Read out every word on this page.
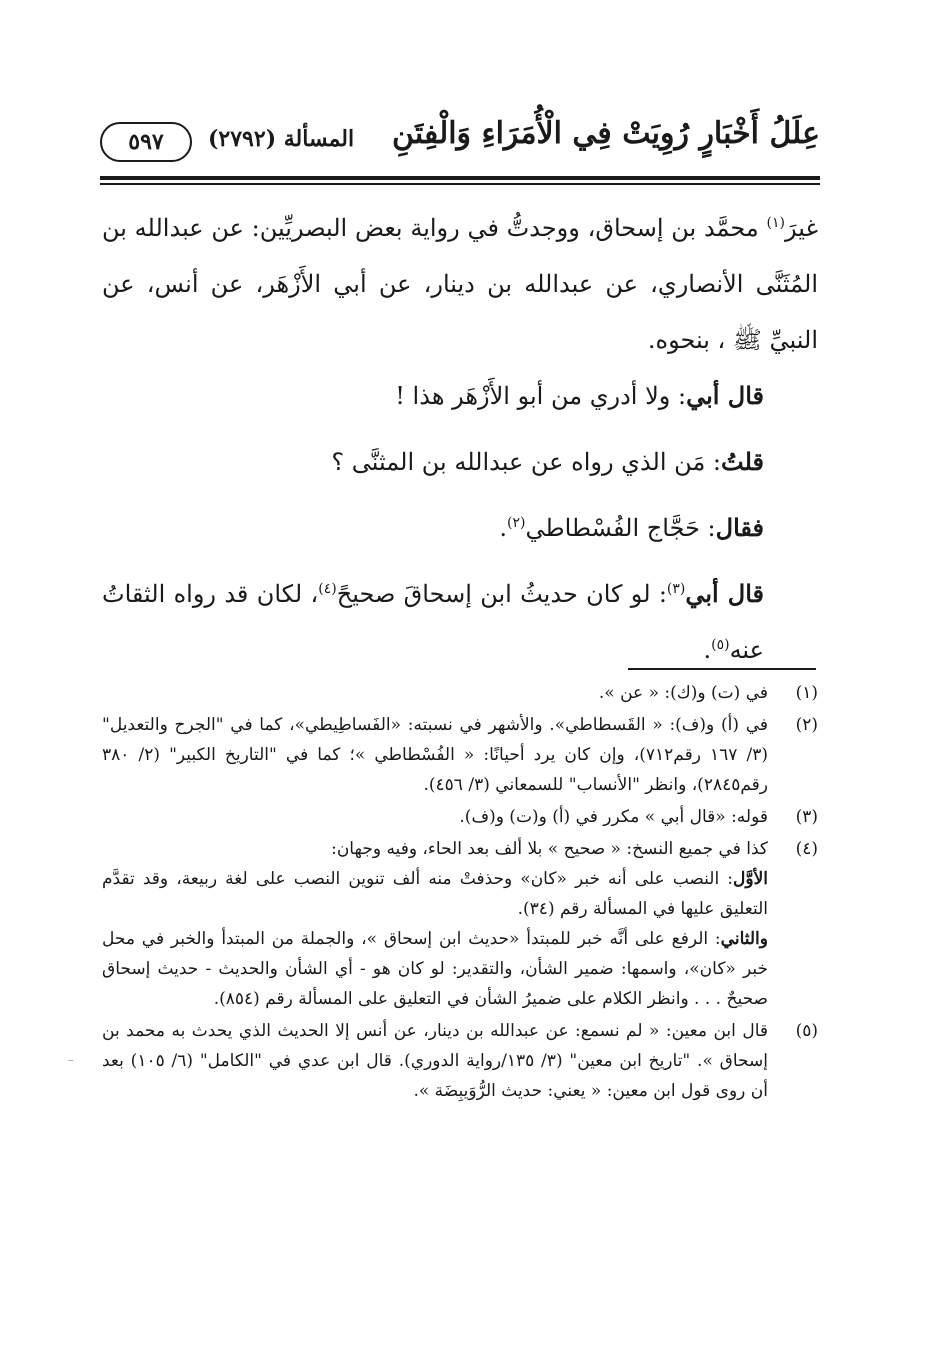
عِلَلُ أَخْبَارٍ رُوِيَتْ فِي الْأُمَرَاءِ وَالْفِتَنِ
المسألة (٢٧٩٢)
٥٩٧

غيرَ$^{(١)}$ محمَّد بن إسحاق، ووجدتُّ في رواية بعض البصريِّين: عن عبدالله بن المُثَنَّى الأنصاري، عن عبدالله بن دينار، عن أبي الأَزْهَر، عن أنس، عن النبيِّ ﷺ ، بنحوه.

قال أبي: ولا أدري من أبو الأَزْهَر هذا !

قلتُ: مَن الذي رواه عن عبدالله بن المثنَّى ؟

فقال: حَجَّاج الفُسْطاطي$^{(٢)}$.

قال أبي$^{(٣)}$: لو كان حديثُ ابن إسحاقَ صحيحً$^{(٤)}$، لكان قد رواه الثقاتُ عنه$^{(٥)}$.

(١)
في (ت) و(ك): « عن ».
(٢)
في (أ) و(ف): « القَسطاطي». والأشهر في نسبته: «الفَساطِيطي»، كما في "الجرح والتعديل" (٣/ ١٦٧ رقم٧١٢)، وإن كان يرد أحيانًا: « الفُسْطاطي »؛ كما في "التاريخ الكبير" (٢/ ٣٨٠ رقم٢٨٤٥)، وانظر "الأنساب" للسمعاني (٣/ ٤٥٦).
(٣)
قوله: «قال أبي » مكرر في (أ) و(ت) و(ف).
(٤)
كذا في جميع النسخ: « صحيح » بلا ألف بعد الحاء، وفيه وجهان:
الأوَّل: النصب على أنه خبر «كان» وحذفتْ منه ألف تنوين النصب على لغة ربيعة، وقد تقدَّم التعليق عليها في المسألة رقم (٣٤).
والثاني: الرفع على أنَّه خبر للمبتدأ «حديث ابن إسحاق »، والجملة من المبتدأ والخبر في محل خبر «كان»، واسمها: ضمير الشأن، والتقدير: لو كان هو - أي الشأن والحديث - حديث إسحاق صحيحٌ . . . وانظر الكلام على ضميرُ الشأن في التعليق على المسألة رقم (٨٥٤).
(٥)
قال ابن معين: « لم نسمع: عن عبدالله بن دينار، عن أنس إلا الحديث الذي يحدث به محمد بن إسحاق ». "تاريخ ابن معين" (٣/ ١٣٥/رواية الدوري). قال ابن عدي في "الكامل" (٦/ ١٠٥) بعد أن روى قول ابن معين: « يعني: حديث الرُّوَيبِضَة ».
